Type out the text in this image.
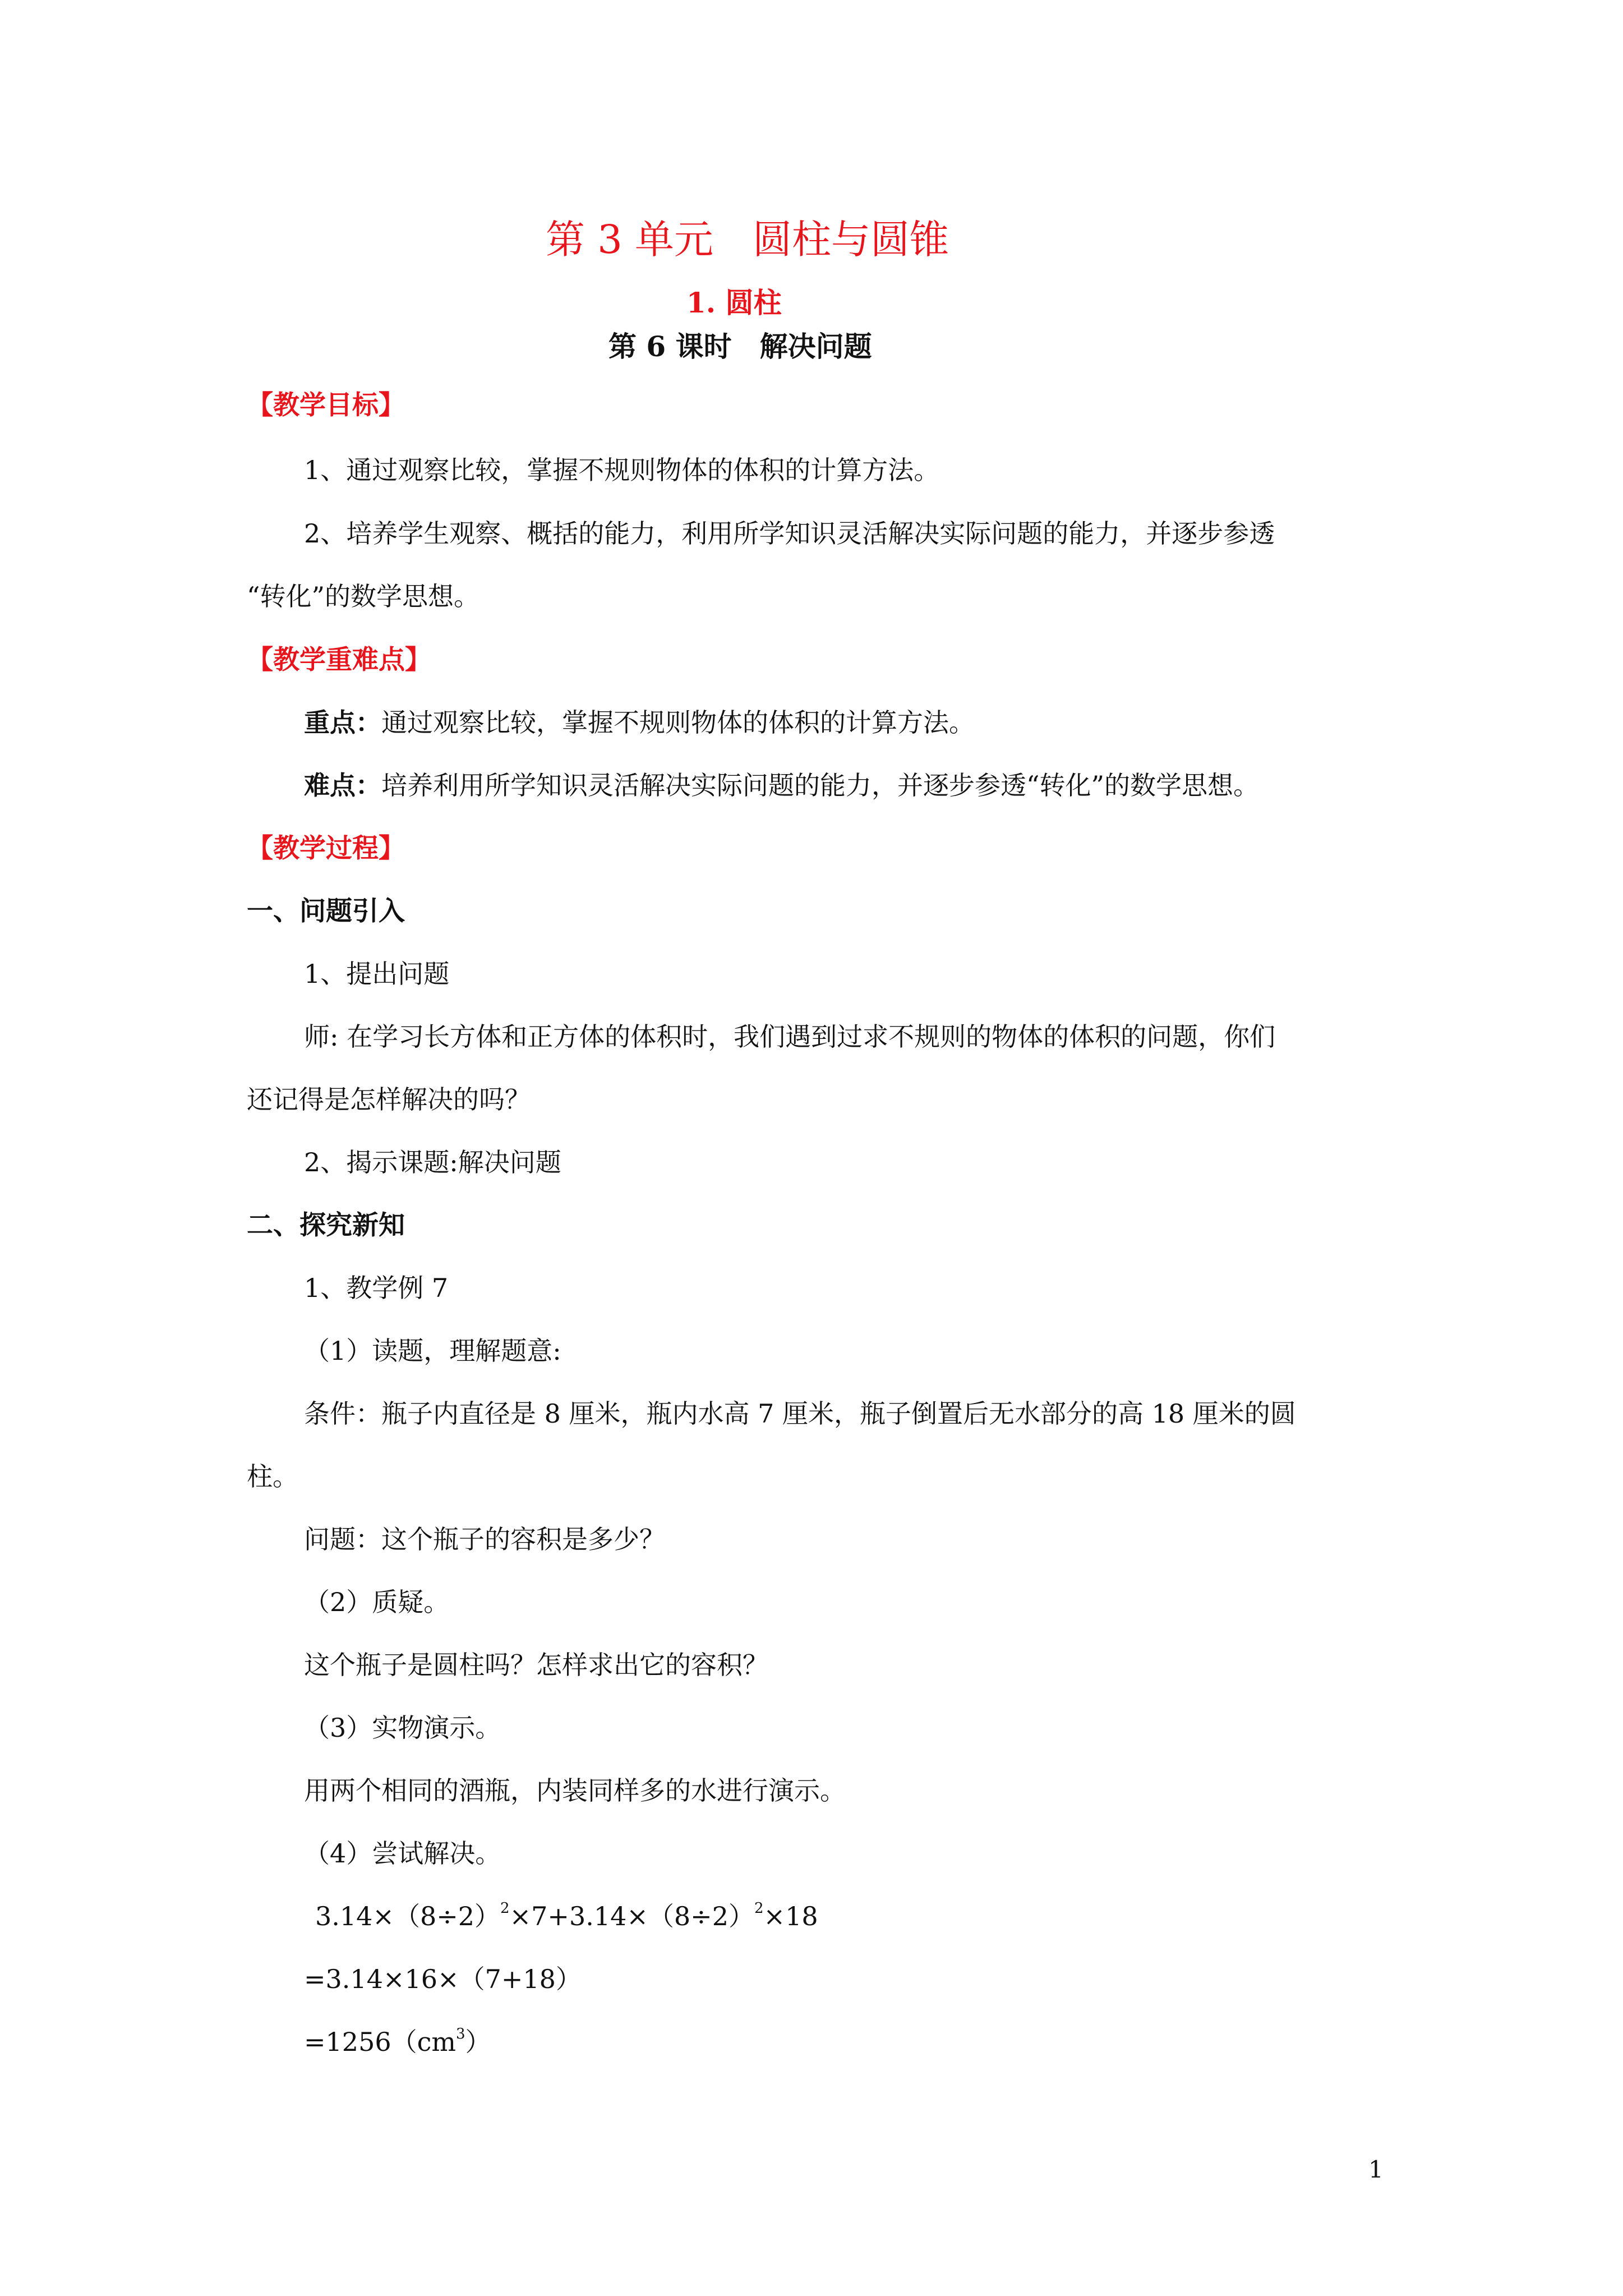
第 3 单元　圆柱与圆锥
1. 圆柱
第 6 课时　解决问题
【教学目标】
1、通过观察比较，掌握不规则物体的体积的计算方法。
2、培养学生观察、概括的能力，利用所学知识灵活解决实际问题的能力，并逐步参透
“转化”的数学思想。
【教学重难点】
重点：通过观察比较，掌握不规则物体的体积的计算方法。
难点：培养利用所学知识灵活解决实际问题的能力，并逐步参透“转化”的数学思想。
【教学过程】
一、问题引入
1、提出问题
师: 在学习长方体和正方体的体积时，我们遇到过求不规则的物体的体积的问题，你们
还记得是怎样解决的吗？
2、揭示课题:解决问题
二、探究新知
1、教学例 7
（1）读题，理解题意:
条件：瓶子内直径是 8 厘米，瓶内水高 7 厘米，瓶子倒置后无水部分的高 18 厘米的圆
柱。
问题：这个瓶子的容积是多少？
（2）质疑。
这个瓶子是圆柱吗？怎样求出它的容积？
（3）实物演示。
用两个相同的酒瓶，内装同样多的水进行演示。
（4）尝试解决。
$3.14\times(8\div 2)^2\times 7+3.14\times(8\div 2)^2\times 18$
=3.14×16×（7+18）
$=1256(cm^3)$
1
